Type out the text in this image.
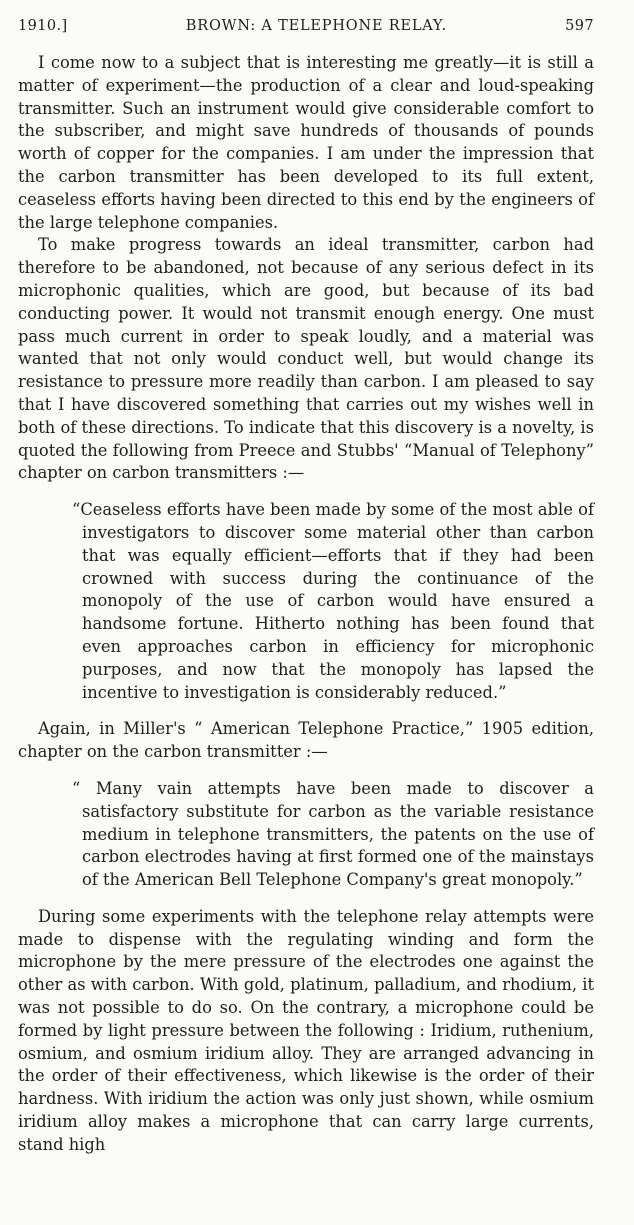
1910.]	BROWN: A TELEPHONE RELAY.	597

I come now to a subject that is interesting me greatly—it is still a matter of experiment—the production of a clear and loud-speaking transmitter. Such an instrument would give considerable comfort to the subscriber, and might save hundreds of thousands of pounds worth of copper for the companies. I am under the impression that the carbon transmitter has been developed to its full extent, ceaseless efforts having been directed to this end by the engineers of the large telephone companies.

To make progress towards an ideal transmitter, carbon had therefore to be abandoned, not because of any serious defect in its microphonic qualities, which are good, but because of its bad conducting power. It would not transmit enough energy. One must pass much current in order to speak loudly, and a material was wanted that not only would conduct well, but would change its resistance to pressure more readily than carbon. I am pleased to say that I have discovered something that carries out my wishes well in both of these directions. To indicate that this discovery is a novelty, is quoted the following from Preece and Stubbs' “Manual of Telephony” chapter on carbon transmitters :—

“Ceaseless efforts have been made by some of the most able of investigators to discover some material other than carbon that was equally efficient—efforts that if they had been crowned with success during the continuance of the monopoly of the use of carbon would have ensured a handsome fortune. Hitherto nothing has been found that even approaches carbon in efficiency for microphonic purposes, and now that the monopoly has lapsed the incentive to investigation is considerably reduced.”

Again, in Miller's “ American Telephone Practice,” 1905 edition, chapter on the carbon transmitter :—

“ Many vain attempts have been made to discover a satisfactory substitute for carbon as the variable resistance medium in telephone transmitters, the patents on the use of carbon electrodes having at first formed one of the mainstays of the American Bell Telephone Company's great monopoly.”

During some experiments with the telephone relay attempts were made to dispense with the regulating winding and form the microphone by the mere pressure of the electrodes one against the other as with carbon. With gold, platinum, palladium, and rhodium, it was not possible to do so. On the contrary, a microphone could be formed by light pressure between the following : Iridium, ruthenium, osmium, and osmium iridium alloy. They are arranged advancing in the order of their effectiveness, which likewise is the order of their hardness. With iridium the action was only just shown, while osmium iridium alloy makes a microphone that can carry large currents, stand high
